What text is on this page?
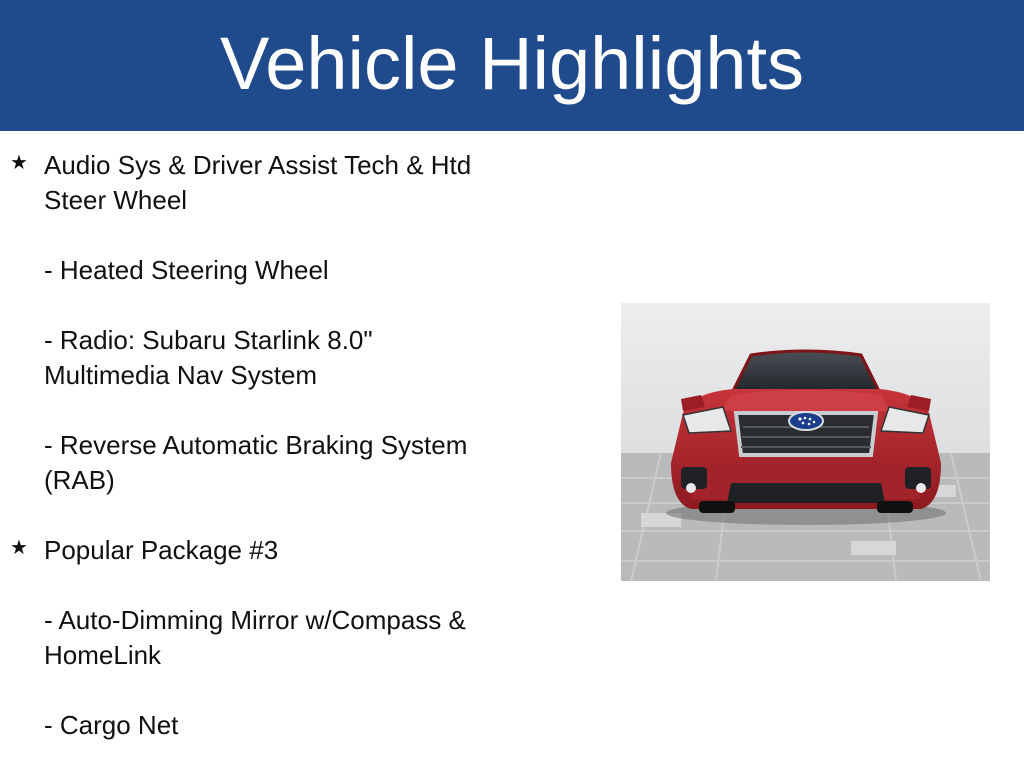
Vehicle Highlights
★ Audio Sys & Driver Assist Tech & Htd

Steer Wheel

- Heated Steering Wheel

- Radio: Subaru Starlink 8.0"

Multimedia Nav System

- Reverse Automatic Braking System

(RAB)

★ Popular Package #3

- Auto-Dimming Mirror w/Compass &

HomeLink

- Cargo Net
